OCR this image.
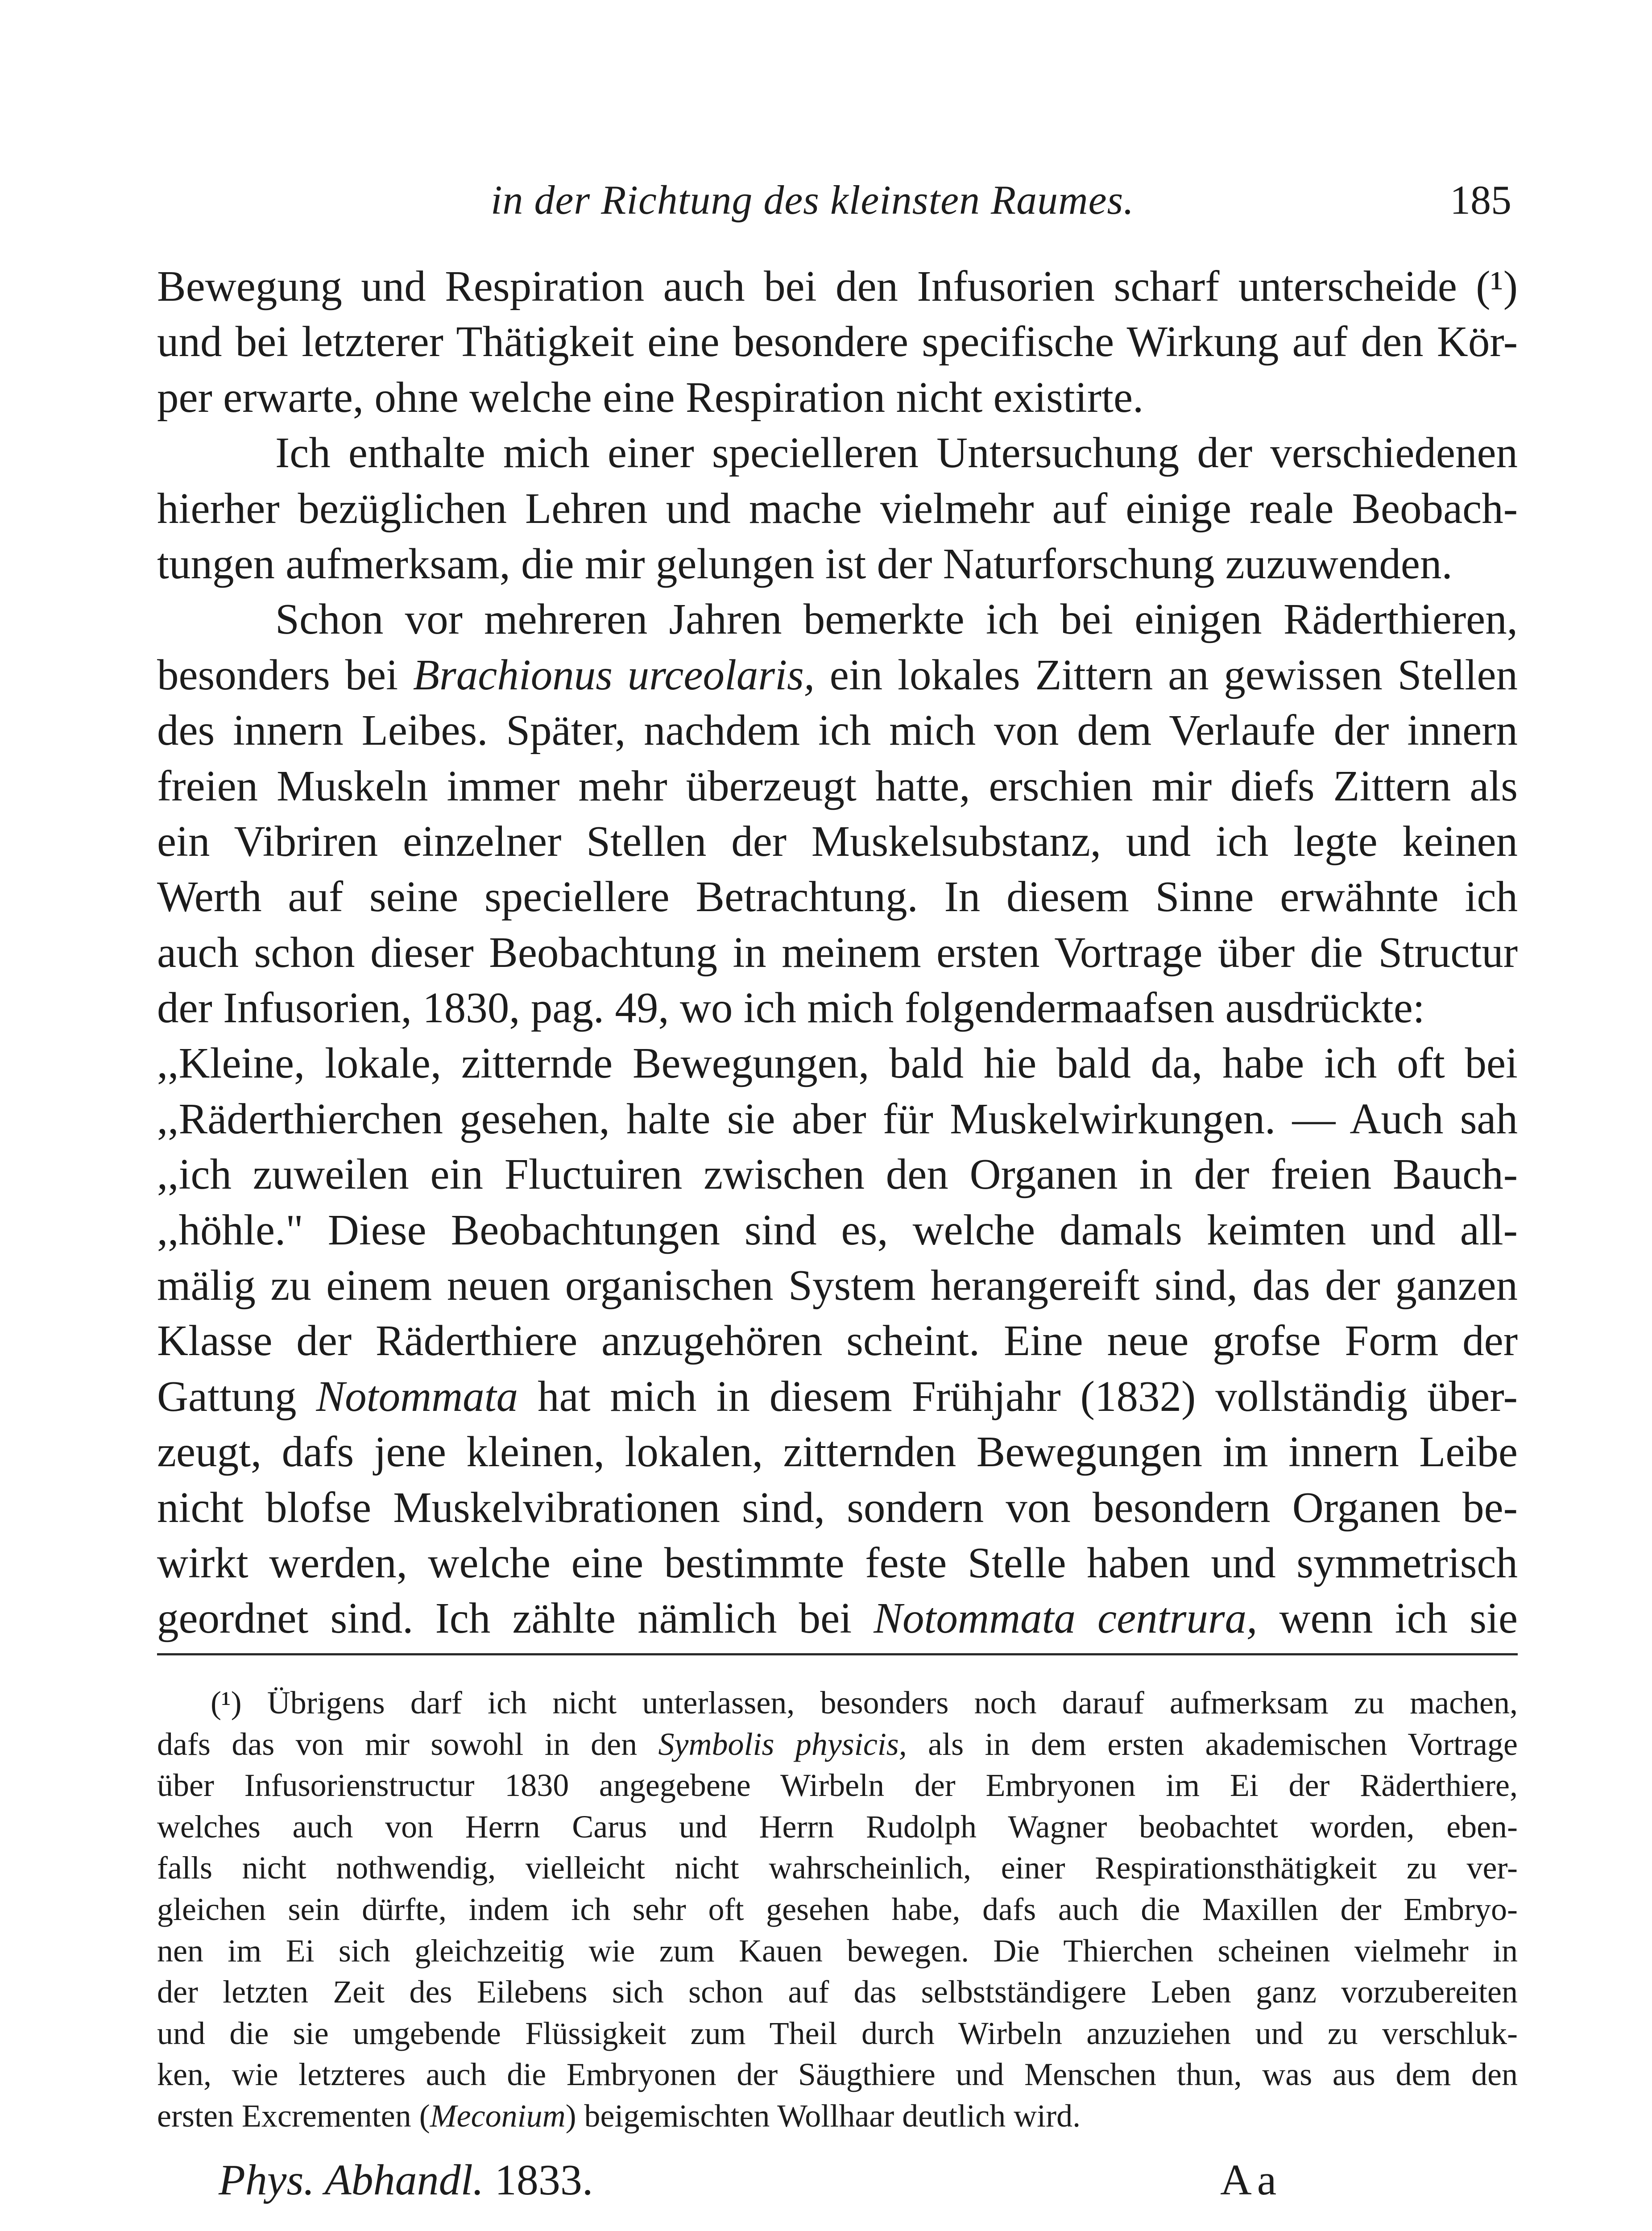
in der Richtung des kleinsten Raumes.	185
Bewegung und Respiration auch bei den Infusorien scharf unterscheide (¹)
und bei letzterer Thätigkeit eine besondere specifische Wirkung auf den Kör-
per erwarte, ohne welche eine Respiration nicht existirte.
Ich enthalte mich einer specielleren Untersuchung der verschiedenen
hierher bezüglichen Lehren und mache vielmehr auf einige reale Beobach-
tungen aufmerksam, die mir gelungen ist der Naturforschung zuzuwenden.
Schon vor mehreren Jahren bemerkte ich bei einigen Räderthieren,
besonders bei Brachionus urceolaris, ein lokales Zittern an gewissen Stellen
des innern Leibes. Später, nachdem ich mich von dem Verlaufe der innern
freien Muskeln immer mehr überzeugt hatte, erschien mir diefs Zittern als
ein Vibriren einzelner Stellen der Muskelsubstanz, und ich legte keinen
Werth auf seine speciellere Betrachtung. In diesem Sinne erwähnte ich
auch schon dieser Beobachtung in meinem ersten Vortrage über die Structur
der Infusorien, 1830, pag. 49, wo ich mich folgendermaafsen ausdrückte:
,,Kleine, lokale, zitternde Bewegungen, bald hie bald da, habe ich oft bei
,,Räderthierchen gesehen, halte sie aber für Muskelwirkungen. — Auch sah
,,ich zuweilen ein Fluctuiren zwischen den Organen in der freien Bauch-
,,höhle." Diese Beobachtungen sind es, welche damals keimten und all-
mälig zu einem neuen organischen System herangereift sind, das der ganzen
Klasse der Räderthiere anzugehören scheint. Eine neue grofse Form der
Gattung Notommata hat mich in diesem Frühjahr (1832) vollständig über-
zeugt, dafs jene kleinen, lokalen, zitternden Bewegungen im innern Leibe
nicht blofse Muskelvibrationen sind, sondern von besondern Organen be-
wirkt werden, welche eine bestimmte feste Stelle haben und symmetrisch
geordnet sind. Ich zählte nämlich bei Notommata centrura, wenn ich sie
(¹) Übrigens darf ich nicht unterlassen, besonders noch darauf aufmerksam zu machen,
dafs das von mir sowohl in den Symbolis physicis, als in dem ersten akademischen Vortrage
über Infusorienstructur 1830 angegebene Wirbeln der Embryonen im Ei der Räderthiere,
welches auch von Herrn Carus und Herrn Rudolph Wagner beobachtet worden, eben-
falls nicht nothwendig, vielleicht nicht wahrscheinlich, einer Respirationsthätigkeit zu ver-
gleichen sein dürfte, indem ich sehr oft gesehen habe, dafs auch die Maxillen der Embryo-
nen im Ei sich gleichzeitig wie zum Kauen bewegen. Die Thierchen scheinen vielmehr in
der letzten Zeit des Eilebens sich schon auf das selbstständigere Leben ganz vorzubereiten
und die sie umgebende Flüssigkeit zum Theil durch Wirbeln anzuziehen und zu verschluk-
ken, wie letzteres auch die Embryonen der Säugthiere und Menschen thun, was aus dem den
ersten Excrementen (Meconium) beigemischten Wollhaar deutlich wird.
Phys. Abhandl. 1833.	Aa
